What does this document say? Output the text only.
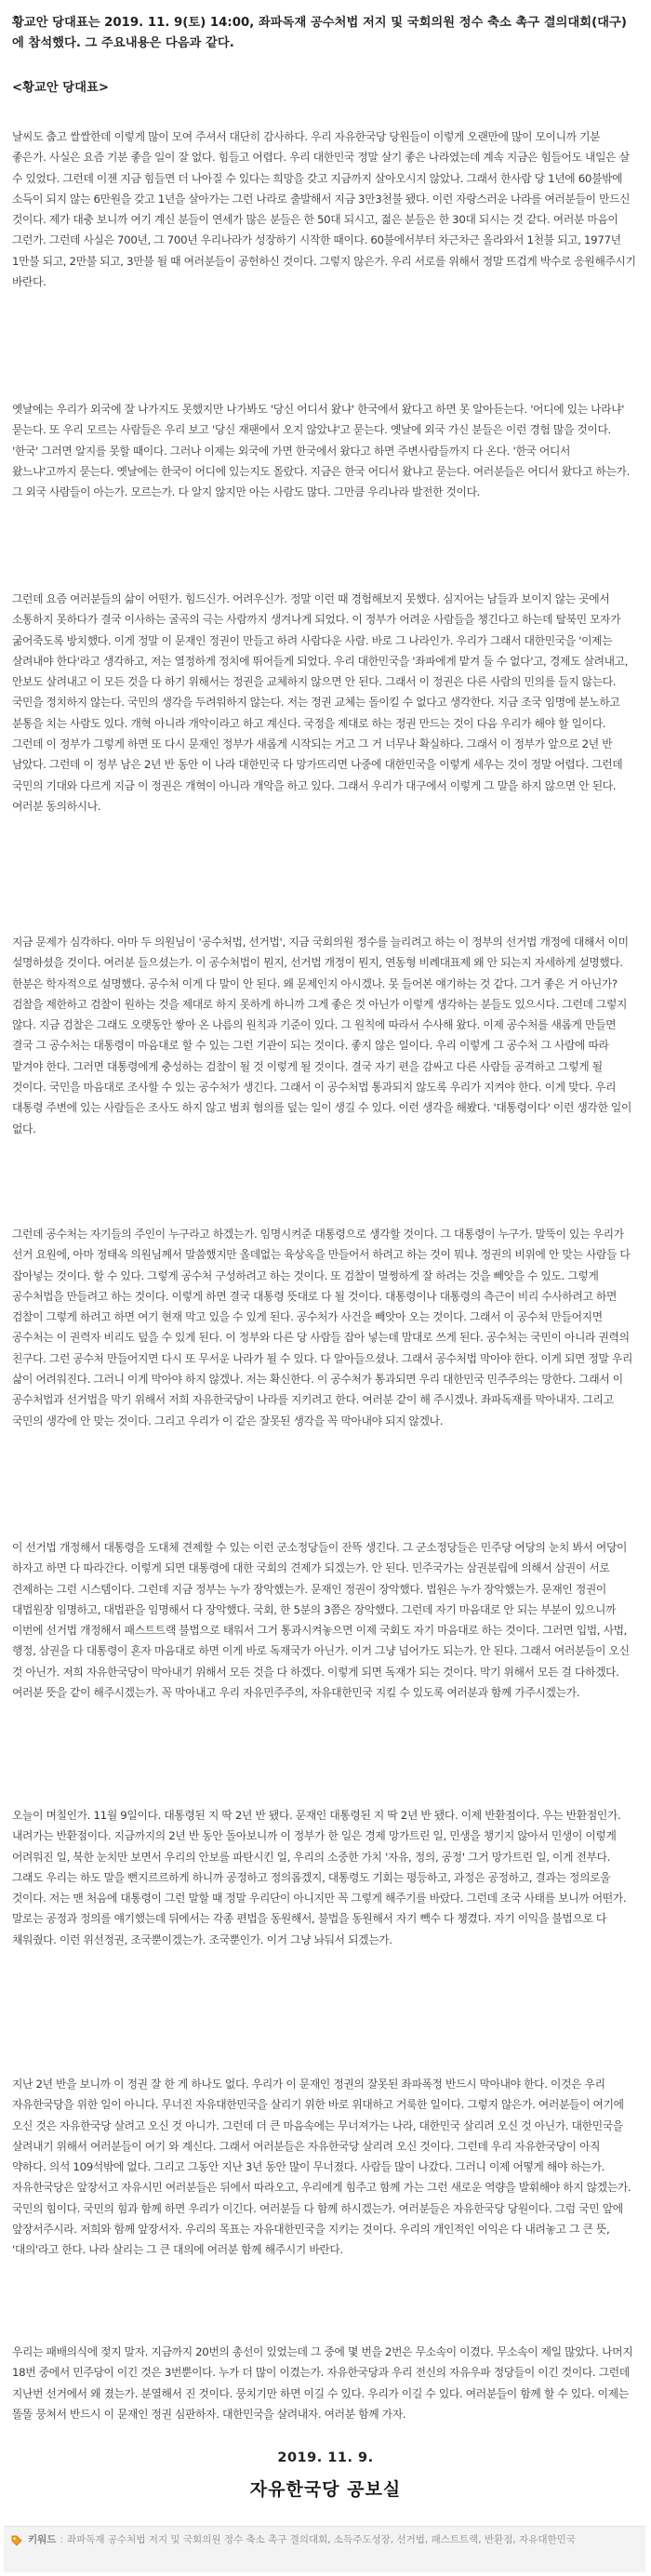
황교안 당대표는 2019. 11. 9(토) 14:00, 좌파독재 공수처법 저지 및 국회의원 정수 축소 촉구 결의대회(대구)에 참석했다. 그 주요내용은 다음과 같다.

<황교안 당대표>

날씨도 춥고 쌀쌀한데 이렇게 많이 모여 주셔서 대단히 감사하다. 우리 자유한국당 당원들이 이렇게 오랜만에 많이 모이니까 기분 좋은가. 사실은 요즘 기분 좋을 일이 잘 없다. 힘들고 어렵다. 우리 대한민국 정말 살기 좋은 나라였는데 계속 지금은 힘들어도 내일은 살 수 있었다. 그런데 이젠 지금 힘들면 더 나아질 수 있다는 희망을 갖고 지금까지 살아오시지 않았나. 그래서 한사람 당 1년에 60불밖에 소득이 되지 않는 6만원을 갖고 1년을 살아가는 그런 나라로 출발해서 지금 3만3천불 됐다. 이런 자랑스러운 나라를 여러분들이 만드신 것이다. 제가 대충 보니까 여기 계신 분들이 연세가 많은 분들은 한 50대 되시고, 젊은 분들은 한 30대 되시는 것 같다. 여러분 마음이 그런가. 그런데 사실은 700년, 그 700년 우리나라가 성장하기 시작한 때이다. 60불에서부터 차근차근 올라와서 1천불 되고, 1977년 1만불 되고, 2만불 되고, 3만불 될 때 여러분들이 공헌하신 것이다. 그렇지 않은가. 우리 서로를 위해서 정말 뜨겁게 박수로 응원해주시기 바란다.

옛날에는 우리가 외국에 잘 나가지도 못했지만 나가봐도 '당신 어디서 왔냐' 한국에서 왔다고 하면 못 알아듣는다. '어디에 있는 나라냐' 묻는다. 또 우리 모르는 사람들은 우리 보고 '당신 재팬에서 오지 않았냐'고 묻는다. 옛날에 외국 가신 분들은 이런 경험 많을 것이다. '한국' 그러면 알지를 못할 때이다. 그러나 이제는 외국에 가면 한국에서 왔다고 하면 주변사람들까지 다 온다. '한국 어디서 왔느냐'고까지 묻는다. 옛날에는 한국이 어디에 있는지도 몰랐다. 지금은 한국 어디서 왔냐고 묻는다. 여러분들은 어디서 왔다고 하는가. 그 외국 사람들이 아는가. 모르는가. 다 알지 않지만 아는 사람도 많다. 그만큼 우리나라 발전한 것이다.

그런데 요즘 여러분들의 삶이 어떤가. 힘드신가. 어려우신가. 정말 이런 때 경험해보지 못했다. 심지어는 남들과 보이지 않는 곳에서 소통하지 못하다가 결국 이사하는 굴곡의 극는 사람까지 생겨나게 되었다. 이 정부가 어려운 사람들을 챙긴다고 하는데 탈북민 모자가 굶어죽도록 방치했다. 이게 정말 이 문재인 정권이 만들고 하려 사람다운 사람. 바로 그 나라인가. 우리가 그래서 대한민국을 '이제는 살려내야 한다'라고 생각하고, 저는 열정하게 정치에 뛰어들게 되었다. 우리 대한민국을 '좌파에게 맡겨 둘 수 없다'고, 경제도 살려내고, 안보도 살려내고 이 모든 것을 다 하기 위해서는 정권을 교체하지 않으면 안 된다. 그래서 이 정권은 다른 사람의 민의를 들지 않는다. 국민을 정치하지 않는다. 국민의 생각을 두려워하지 않는다. 저는 정권 교체는 돌이킬 수 없다고 생각한다. 지금 조국 임명에 분노하고 분통을 치는 사람도 있다. 개혁 아니라 개악이라고 하고 계신다. 국정을 제대로 하는 정권 만드는 것이 다음 우리가 해야 할 일이다. 그런데 이 정부가 그렇게 하면 또 다시 문재인 정부가 새롭게 시작되는 거고 그 거 너무나 확실하다. 그래서 이 정부가 앞으로 2년 반 남았다. 그런데 이 정부 남은 2년 반 동안 이 나라 대한민국 다 망가뜨리면 나중에 대한민국을 이렇게 세우는 것이 정말 어렵다. 그런데 국민의 기대와 다르게 지금 이 정권은 개혁이 아니라 개악을 하고 있다. 그래서 우리가 대구에서 이렇게 그 말을 하지 않으면 안 된다. 여러분 동의하시나.

지금 문제가 심각하다. 아마 두 의원님이 '공수처법, 선거법', 지금 국회의원 정수를 늘리려고 하는 이 정부의 선거법 개정에 대해서 이미 설명하셨을 것이다. 여러분 들으셨는가. 이 공수처법이 뭔지, 선거법 개정이 뭔지, 연동형 비례대표제 왜 안 되는지 자세하게 설명했다. 한분은 학자적으로 설명했다. 공수처 이게 다 말이 안 된다. 왜 문제인지 아시겠나. 못 들어본 얘기하는 것 같다. 그거 좋은 거 아닌가? 검찰을 제한하고 검찰이 원하는 것을 제대로 하지 못하게 하니까 그게 좋은 것 아닌가 이렇게 생각하는 분들도 있으시다. 그런데 그렇지 않다. 지금 검찰은 그래도 오랫동안 쌓아 온 나름의 원칙과 기준이 있다. 그 원칙에 따라서 수사해 왔다. 이제 공수처를 새롭게 만들면 결국 그 공수처는 대통령이 마음대로 할 수 있는 그런 기관이 되는 것이다. 좋지 않은 일이다. 우리 이렇게 그 공수처 그 사람에 따라 맡겨야 한다. 그러면 대통령에게 충성하는 검찰이 될 것 이렇게 될 것이다. 결국 자기 편을 감싸고 다른 사람들 공격하고 그렇게 될 것이다. 국민을 마음대로 조사할 수 있는 공수처가 생긴다. 그래서 이 공수처법 통과되지 않도록 우리가 지켜야 한다. 이게 맞다. 우리 대통령 주변에 있는 사람들은 조사도 하지 않고 범죄 혐의를 덮는 일이 생길 수 있다. 이런 생각을 해봤다. '대통령이다' 이런 생각한 일이 없다.

그런데 공수처는 자기들의 주인이 누구라고 하겠는가. 임명시켜준 대통령으로 생각할 것이다. 그 대통령이 누구가. 말뚝이 있는 우리가 선거 요원에, 아마 정태옥 의원님께서 말씀했지만 올데없는 육상옥을 만들어서 하려고 하는 것이 뭐냐. 정권의 비위에 안 맞는 사람들 다 잡아넣는 것이다. 할 수 있다. 그렇게 공수처 구성하려고 하는 것이다. 또 검찰이 멀쩡하게 잘 하려는 것을 빼앗을 수 있도. 그렇게 공수처법을 만들려고 하는 것이다. 이렇게 하면 결국 대통령 뜻대로 다 될 것이다. 대통령이나 대통령의 측근이 비리 수사하려고 하면 검찰이 그렇게 하려고 하면 여기 현재 막고 있을 수 있게 된다. 공수처가 사건을 빼앗아 오는 것이다. 그래서 이 공수처 만들어지면 공수처는 이 권력자 비리도 덮을 수 있게 된다. 이 정부와 다른 당 사람들 잡아 넣는데 맘대로 쓰게 된다. 공수처는 국민이 아니라 권력의 친구다. 그런 공수처 만들어지면 다시 또 무서운 나라가 될 수 있다. 다 알아들으셨나. 그래서 공수처법 막아야 한다. 이게 되면 정말 우리 삶이 어려워진다. 그러니 이게 막아야 하지 않겠나. 저는 확신한다. 이 공수처가 통과되면 우리 대한민국 민주주의는 망한다. 그래서 이 공수처법과 선거법을 막기 위해서 저희 자유한국당이 나라를 지키려고 한다. 여러분 같이 해 주시겠나. 좌파독재를 막아내자. 그리고 국민의 생각에 안 맞는 것이다. 그리고 우리가 이 같은 잘못된 생각을 꼭 막아내야 되지 않겠나.

이 선거법 개정해서 대통령을 도대체 견제할 수 있는 이런 군소정당들이 잔뜩 생긴다. 그 군소정당들은 민주당 여당의 눈치 봐서 여당이 하자고 하면 다 따라간다. 이렇게 되면 대통령에 대한 국회의 견제가 되겠는가. 안 된다. 민주국가는 삼권분립에 의해서 삼권이 서로 견제하는 그런 시스템이다. 그런데 지금 정부는 누가 장악했는가. 문재인 정권이 장악했다. 법원은 누가 장악했는가. 문재인 정권이 대법원장 임명하고, 대법관을 임명해서 다 장악했다. 국회, 한 5분의 3쯤은 장악했다. 그런데 자기 마음대로 안 되는 부분이 있으니까 이번에 선거법 개정해서 패스트트랙 불법으로 태워서 그거 통과시켜놓으면 이제 국회도 자기 마음대로 하는 것이다. 그러면 입법, 사법, 행정, 삼권을 다 대통령이 혼자 마음대로 하면 이게 바로 독재국가 아닌가. 이거 그냥 넘어가도 되는가. 안 된다. 그래서 여러분들이 오신 것 아닌가. 저희 자유한국당이 막아내기 위해서 모든 것을 다 하겠다. 이렇게 되면 독재가 되는 것이다. 막기 위해서 모든 걸 다하겠다. 여러분 뜻을 같이 해주시겠는가. 꼭 막아내고 우리 자유민주주의, 자유대한민국 지킬 수 있도록 여러분과 함께 가주시겠는가.

오늘이 며칠인가. 11월 9일이다. 대통령된 지 딱 2년 반 됐다. 문재인 대통령된 지 딱 2년 반 됐다. 이제 반환점이다. 우는 반환점인가. 내려가는 반환점이다. 지금까지의 2년 반 동안 돌아보니까 이 정부가 한 일은 경제 망가트린 일, 민생을 챙기지 않아서 민생이 이렇게 어려워진 일, 북한 눈치만 보면서 우리의 안보를 파탄시킨 일, 우리의 소중한 가치 '자유, 정의, 공정' 그거 망가트린 일, 이게 전부다. 그래도 우리는 하도 말을 뻔지르르하게 하니까 공정하고 정의롭겠지, 대통령도 기회는 평등하고, 과정은 공정하고, 결과는 정의로울 것이다. 저는 맨 처음에 대통령이 그런 말할 때 정말 우리단이 아니지만 꼭 그렇게 해주기를 바랐다. 그런데 조국 사태를 보니까 어떤가. 말로는 공정과 정의를 얘기했는데 뒤에서는 각종 편법을 동원해서, 불법을 동원해서 자기 빽수 다 챙겼다. 자기 이익을 불법으로 다 채워줬다. 이런 위선정권, 조국뿐이겠는가. 조국뿐인가. 이거 그냥 놔둬서 되겠는가.

지난 2년 반을 보니까 이 정권 잘 한 게 하나도 없다. 우리가 이 문재인 정권의 잘못된 좌파폭정 반드시 막아내야 한다. 이것은 우리 자유한국당을 위한 일이 아니다. 무너진 자유대한민국을 살리기 위한 바로 위대하고 거룩한 일이다. 그렇지 않은가. 여러분들이 여기에 오신 것은 자유한국당 살려고 오신 것 아니가. 그런데 더 큰 마음속에는 무너져가는 나라, 대한민국 살리려 오신 것 아닌가. 대한민국을 살려내기 위해서 여러분들이 여기 와 계신다. 그래서 여러분들은 자유한국당 살리려 오신 것이다. 그런데 우리 자유한국당이 아직 약하다. 의석 109석밖에 없다. 그리고 그동안 지난 3년 동안 많이 무너졌다. 사람들 많이 나갔다. 그러니 이제 어떻게 해야 하는가. 자유한국당은 앞장서고 자유시민 여러분들은 뒤에서 따라오고, 우리에게 힘주고 함께 가는 그런 새로운 역량을 발휘해야 하지 않겠는가. 국민의 힘이다. 국민의 힘과 함께 하면 우리가 이긴다. 여러분들 다 함께 하시겠는가. 여러분들은 자유한국당 당원이다. 그럼 국민 앞에 앞장서주시라. 저희와 함께 앞장서자. 우리의 목표는 자유대한민국을 지키는 것이다. 우리의 개인적인 이익은 다 내려놓고 그 큰 뜻, '대의'라고 한다. 나라 살리는 그 큰 대의에 여러분 함께 해주시기 바란다.

우리는 패배의식에 젖지 말자. 지금까지 20번의 총선이 있었는데 그 중에 몇 번을 2번은 무소속이 이겼다. 무소속이 제일 많았다. 나머지 18번 중에서 민주당이 이긴 것은 3번뿐이다. 누가 더 많이 이겼는가. 자유한국당과 우리 전신의 자유우파 정당들이 이긴 것이다. 그런데 지난번 선거에서 왜 졌는가. 분열해서 진 것이다. 뭉치기만 하면 이길 수 있다. 우리가 이길 수 있다. 여러분들이 함께 할 수 있다. 이제는 똘똘 뭉쳐서 반드시 이 문재인 정권 심판하자. 대한민국을 살려내자. 여러분 함께 가자.

2019. 11. 9.
자유한국당 공보실
키워드 : 좌파독재 공수처법 저지 및 국회의원 정수 축소 촉구 결의대회, 소득주도성장, 선거법, 패스트트랙, 반환점, 자유대한민국
